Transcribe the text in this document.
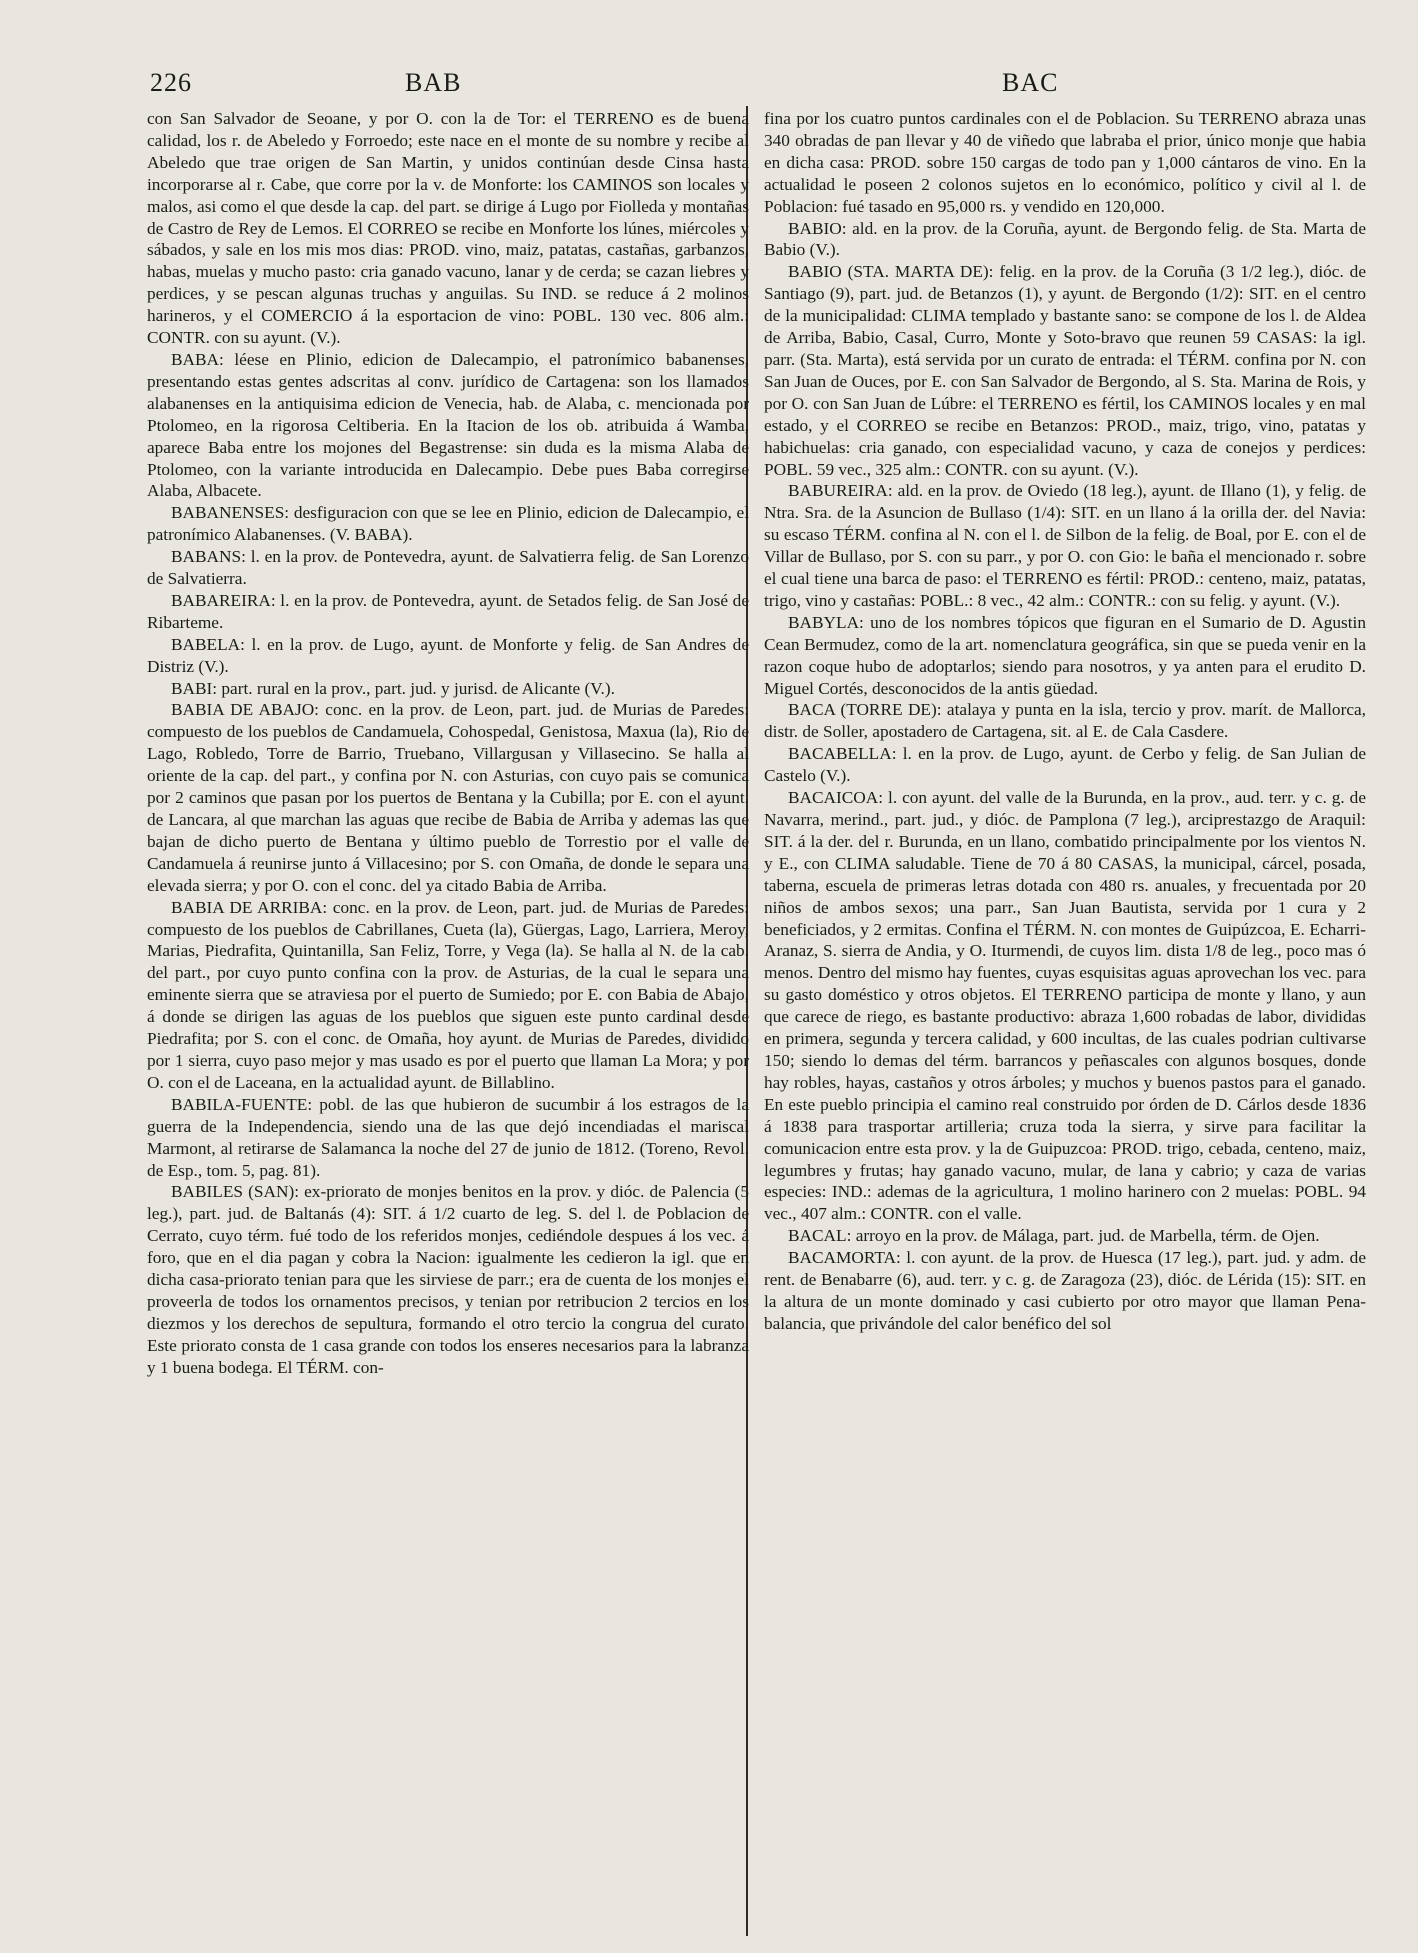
226	BAB	BAC

con San Salvador de Seoane, y por O. con la de Tor: el TERRENO es de buena calidad, los r. de Abeledo y Forroedo; este nace en el monte de su nombre y recibe al Abeledo que trae origen de San Martin, y unidos continúan desde Cinsa hasta incorporarse al r. Cabe, que corre por la v. de Monforte: los CAMINOS son locales y malos, asi como el que desde la cap. del part. se dirige á Lugo por Fiolleda y montañas de Castro de Rey de Lemos. El CORREO se recibe en Monforte los lúnes, miércoles y sábados, y sale en los mis mos dias: PROD. vino, maiz, patatas, castañas, garbanzos, habas, muelas y mucho pasto: cria ganado vacuno, lanar y de cerda; se cazan liebres y perdices, y se pescan algunas truchas y anguilas. Su IND. se reduce á 2 molinos harineros, y el COMERCIO á la esportacion de vino: POBL. 130 vec. 806 alm.: CONTR. con su ayunt. (V.).

BABA: léese en Plinio, edicion de Dalecampio, el patronímico babanenses, presentando estas gentes adscritas al conv. jurídico de Cartagena: son los llamados alabanenses en la antiquisima edicion de Venecia, hab. de Alaba, c. mencionada por Ptolomeo, en la rigorosa Celtiberia. En la Itacion de los ob. atribuida á Wamba, aparece Baba entre los mojones del Begastrense: sin duda es la misma Alaba de Ptolomeo, con la variante introducida en Dalecampio. Debe pues Baba corregirse Alaba, Albacete.

BABANENSES: desfiguracion con que se lee en Plinio, edicion de Dalecampio, el patronímico Alabanenses. (V. BABA).

BABANS: l. en la prov. de Pontevedra, ayunt. de Salvatierra felig. de San Lorenzo de Salvatierra.

BABAREIRA: l. en la prov. de Pontevedra, ayunt. de Setados felig. de San José de Ribarteme.

BABELA: l. en la prov. de Lugo, ayunt. de Monforte y felig. de San Andres de Distriz (V.).

BABI: part. rural en la prov., part. jud. y jurisd. de Alicante (V.).

BABIA DE ABAJO: conc. en la prov. de Leon, part. jud. de Murias de Paredes: compuesto de los pueblos de Candamuela, Cohospedal, Genistosa, Maxua (la), Rio de Lago, Robledo, Torre de Barrio, Truebano, Villargusan y Villasecino. Se halla al oriente de la cap. del part., y confina por N. con Asturias, con cuyo pais se comunica por 2 caminos que pasan por los puertos de Bentana y la Cubilla; por E. con el ayunt. de Lancara, al que marchan las aguas que recibe de Babia de Arriba y ademas las que bajan de dicho puerto de Bentana y último pueblo de Torrestio por el valle de Candamuela á reunirse junto á Villacesino; por S. con Omaña, de donde le separa una elevada sierra; y por O. con el conc. del ya citado Babia de Arriba.

BABIA DE ARRIBA: conc. en la prov. de Leon, part. jud. de Murias de Paredes: compuesto de los pueblos de Cabrillanes, Cueta (la), Güergas, Lago, Larriera, Meroy, Marias, Piedrafita, Quintanilla, San Feliz, Torre, y Vega (la). Se halla al N. de la cab. del part., por cuyo punto confina con la prov. de Asturias, de la cual le separa una eminente sierra que se atraviesa por el puerto de Sumiedo; por E. con Babia de Abajo, á donde se dirigen las aguas de los pueblos que siguen este punto cardinal desde Piedrafita; por S. con el conc. de Omaña, hoy ayunt. de Murias de Paredes, dividido por 1 sierra, cuyo paso mejor y mas usado es por el puerto que llaman La Mora; y por O. con el de Laceana, en la actualidad ayunt. de Billablino.

BABILA-FUENTE: pobl. de las que hubieron de sucumbir á los estragos de la guerra de la Independencia, siendo una de las que dejó incendiadas el mariscal Marmont, al retirarse de Salamanca la noche del 27 de junio de 1812. (Toreno, Revol. de Esp., tom. 5, pag. 81).

BABILES (SAN): ex-priorato de monjes benitos en la prov. y dióc. de Palencia (5 leg.), part. jud. de Baltanás (4): SIT. á 1/2 cuarto de leg. S. del l. de Poblacion de Cerrato, cuyo térm. fué todo de los referidos monjes, cediéndole despues á los vec. á foro, que en el dia pagan y cobra la Nacion: igualmente les cedieron la igl. que en dicha casa-priorato tenian para que les sirviese de parr.; era de cuenta de los monjes el proveerla de todos los ornamentos precisos, y tenian por retribucion 2 tercios en los diezmos y los derechos de sepultura, formando el otro tercio la congrua del curato. Este priorato consta de 1 casa grande con todos los enseres necesarios para la labranza y 1 buena bodega. El TÉRM. con-

fina por los cuatro puntos cardinales con el de Poblacion. Su TERRENO abraza unas 340 obradas de pan llevar y 40 de viñedo que labraba el prior, único monje que habia en dicha casa: PROD. sobre 150 cargas de todo pan y 1,000 cántaros de vino. En la actualidad le poseen 2 colonos sujetos en lo económico, político y civil al l. de Poblacion: fué tasado en 95,000 rs. y vendido en 120,000.

BABIO: ald. en la prov. de la Coruña, ayunt. de Bergondo felig. de Sta. Marta de Babio (V.).

BABIO (STA. MARTA DE): felig. en la prov. de la Coruña (3 1/2 leg.), dióc. de Santiago (9), part. jud. de Betanzos (1), y ayunt. de Bergondo (1/2): SIT. en el centro de la municipalidad: CLIMA templado y bastante sano: se compone de los l. de Aldea de Arriba, Babio, Casal, Curro, Monte y Soto-bravo que reunen 59 CASAS: la igl. parr. (Sta. Marta), está servida por un curato de entrada: el TÉRM. confina por N. con San Juan de Ouces, por E. con San Salvador de Bergondo, al S. Sta. Marina de Rois, y por O. con San Juan de Lúbre: el TERRENO es fértil, los CAMINOS locales y en mal estado, y el CORREO se recibe en Betanzos: PROD., maiz, trigo, vino, patatas y habichuelas: cria ganado, con especialidad vacuno, y caza de conejos y perdices: POBL. 59 vec., 325 alm.: CONTR. con su ayunt. (V.).

BABUREIRA: ald. en la prov. de Oviedo (18 leg.), ayunt. de Illano (1), y felig. de Ntra. Sra. de la Asuncion de Bullaso (1/4): SIT. en un llano á la orilla der. del Navia: su escaso TÉRM. confina al N. con el l. de Silbon de la felig. de Boal, por E. con el de Villar de Bullaso, por S. con su parr., y por O. con Gio: le baña el mencionado r. sobre el cual tiene una barca de paso: el TERRENO es fértil: PROD.: centeno, maiz, patatas, trigo, vino y castañas: POBL.: 8 vec., 42 alm.: CONTR.: con su felig. y ayunt. (V.).

BABYLA: uno de los nombres tópicos que figuran en el Sumario de D. Agustin Cean Bermudez, como de la art. nomenclatura geográfica, sin que se pueda venir en la razon coque hubo de adoptarlos; siendo para nosotros, y ya anten para el erudito D. Miguel Cortés, desconocidos de la antis güedad.

BACA (TORRE DE): atalaya y punta en la isla, tercio y prov. marít. de Mallorca, distr. de Soller, apostadero de Cartagena, sit. al E. de Cala Casdere.

BACABELLA: l. en la prov. de Lugo, ayunt. de Cerbo y felig. de San Julian de Castelo (V.).

BACAICOA: l. con ayunt. del valle de la Burunda, en la prov., aud. terr. y c. g. de Navarra, merind., part. jud., y dióc. de Pamplona (7 leg.), arciprestazgo de Araquil: SIT. á la der. del r. Burunda, en un llano, combatido principalmente por los vientos N. y E., con CLIMA saludable. Tiene de 70 á 80 CASAS, la municipal, cárcel, posada, taberna, escuela de primeras letras dotada con 480 rs. anuales, y frecuentada por 20 niños de ambos sexos; una parr., San Juan Bautista, servida por 1 cura y 2 beneficiados, y 2 ermitas. Confina el TÉRM. N. con montes de Guipúzcoa, E. Echarri-Aranaz, S. sierra de Andia, y O. Iturmendi, de cuyos lim. dista 1/8 de leg., poco mas ó menos. Dentro del mismo hay fuentes, cuyas esquisitas aguas aprovechan los vec. para su gasto doméstico y otros objetos. El TERRENO participa de monte y llano, y aun que carece de riego, es bastante productivo: abraza 1,600 robadas de labor, divididas en primera, segunda y tercera calidad, y 600 incultas, de las cuales podrian cultivarse 150; siendo lo demas del térm. barrancos y peñascales con algunos bosques, donde hay robles, hayas, castaños y otros árboles; y muchos y buenos pastos para el ganado. En este pueblo principia el camino real construido por órden de D. Cárlos desde 1836 á 1838 para trasportar artilleria; cruza toda la sierra, y sirve para facilitar la comunicacion entre esta prov. y la de Guipuzcoa: PROD. trigo, cebada, centeno, maiz, legumbres y frutas; hay ganado vacuno, mular, de lana y cabrio; y caza de varias especies: IND.: ademas de la agricultura, 1 molino harinero con 2 muelas: POBL. 94 vec., 407 alm.: CONTR. con el valle.

BACAL: arroyo en la prov. de Málaga, part. jud. de Marbella, térm. de Ojen.

BACAMORTA: l. con ayunt. de la prov. de Huesca (17 leg.), part. jud. y adm. de rent. de Benabarre (6), aud. terr. y c. g. de Zaragoza (23), dióc. de Lérida (15): SIT. en la altura de un monte dominado y casi cubierto por otro mayor que llaman Pena-balancia, que privándole del calor benéfico del sol
